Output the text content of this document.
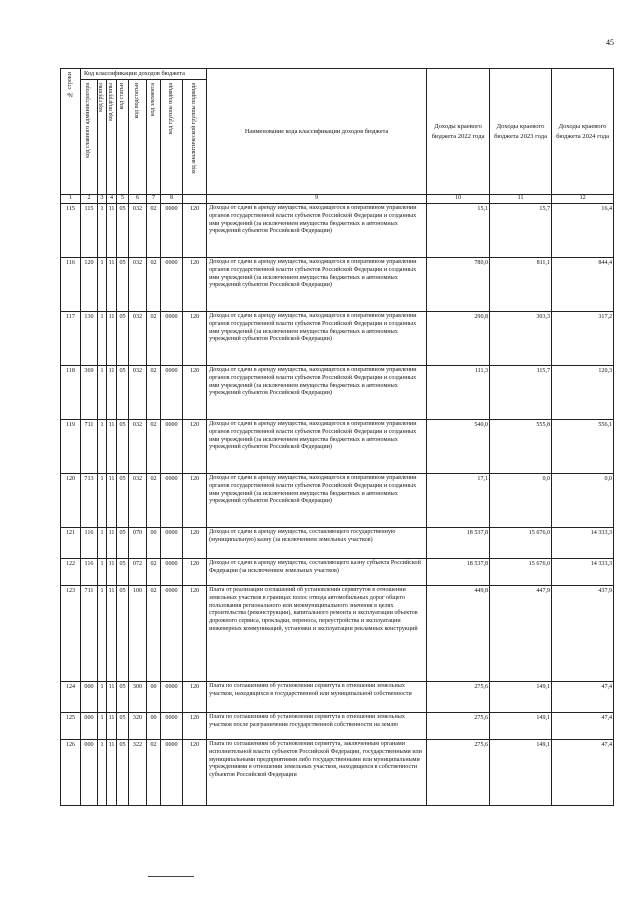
45
№ строки	Код классификации доходов бюджета								Наименование кода классификации доходов бюджета	Доходы краевого бюджета 2022 года	Доходы краевого бюджета 2023 года	Доходы краевого бюджета 2024 года

	код главного администратора	код группы	код подгруппы	код статьи	код подстатьи	код элемента	код группы подвида	код аналитической группы подвида				

1	2	3	4	5	6	7	8		9	10	11	12
115	115	1	11	05	032	02	0000	120	Доходы от сдачи в аренду имущества, находящегося в оперативном управлении органов государственной власти субъектов Российской Федерации и созданных ими учреждений (за исключением имущества бюджетных и автономных учреждений субъектов Российской Федерации)	15,1	15,7	16,4
116	120	1	11	05	032	02	0000	120	Доходы от сдачи в аренду имущества, находящегося в оперативном управлении органов государственной власти субъектов Российской Федерации и созданных ими учреждений (за исключением имущества бюджетных и автономных учреждений субъектов Российской Федерации)	780,0	811,1	844,4
117	130	1	11	05	032	02	0000	120	Доходы от сдачи в аренду имущества, находящегося в оперативном управлении органов государственной власти субъектов Российской Федерации и созданных ими учреждений (за исключением имущества бюджетных и автономных учреждений субъектов Российской Федерации)	290,8	303,3	317,2
118	369	1	11	05	032	02	0000	120	Доходы от сдачи в аренду имущества, находящегося в оперативном управлении органов государственной власти субъектов Российской Федерации и созданных ими учреждений (за исключением имущества бюджетных и автономных учреждений субъектов Российской Федерации)	111,3	115,7	120,3
119	711	1	11	05	032	02	0000	120	Доходы от сдачи в аренду имущества, находящегося в оперативном управлении органов государственной власти субъектов Российской Федерации и созданных ими учреждений (за исключением имущества бюджетных и автономных учреждений субъектов Российской Федерации)	540,0	555,8	556,1
120	713	1	11	05	032	02	0000	120	Доходы от сдачи в аренду имущества, находящегося в оперативном управлении органов государственной власти субъектов Российской Федерации и созданных ими учреждений (за исключением имущества бюджетных и автономных учреждений субъектов Российской Федерации)	17,1	0,0	0,0
121	116	1	11	05	070	00	0000	120	Доходы от сдачи в аренду имущества, составляющего государственную (муниципальную) казну (за исключением земельных участков)	18 537,8	15 676,0	14 333,3
122	116	1	11	05	072	02	0000	120	Доходы от сдачи в аренду имущества, составляющего казну субъекта Российской Федерации (за исключением земельных участков)	18 537,8	15 676,0	14 333,3
123	711	1	11	05	100	02	0000	120	Плата от реализации соглашений об установлении сервитутов в отношении земельных участков в границах полос отвода автомобильных дорог общего пользования регионального или межмуниципального значения в целях строительства (реконструкции), капитального ремонта и эксплуатации объектов дорожного сервиса, прокладки, переноса, переустройства и эксплуатации инженерных коммуникаций, установки и эксплуатации рекламных конструкций	449,8	447,9	437,9
124	000	1	11	05	300	00	0000	120	Плата по соглашениям об установлении сервитута в отношении земельных участков, находящихся в государственной или муниципальной собственности	275,6	149,1	47,4
125	000	1	11	05	320	00	0000	120	Плата по соглашениям об установлении сервитута в отношении земельных участков после разграничения государственной собственности на землю	275,6	149,1	47,4
126	000	1	11	05	322	02	0000	120	Плата по соглашениям об установлении сервитута, заключенным органами исполнительной власти субъектов Российской Федерации, государственными или муниципальными предприятиями либо государственными или муниципальными учреждениями в отношении земельных участков, находящихся в собственности субъектов Российской Федерации	275,6	149,1	47,4
